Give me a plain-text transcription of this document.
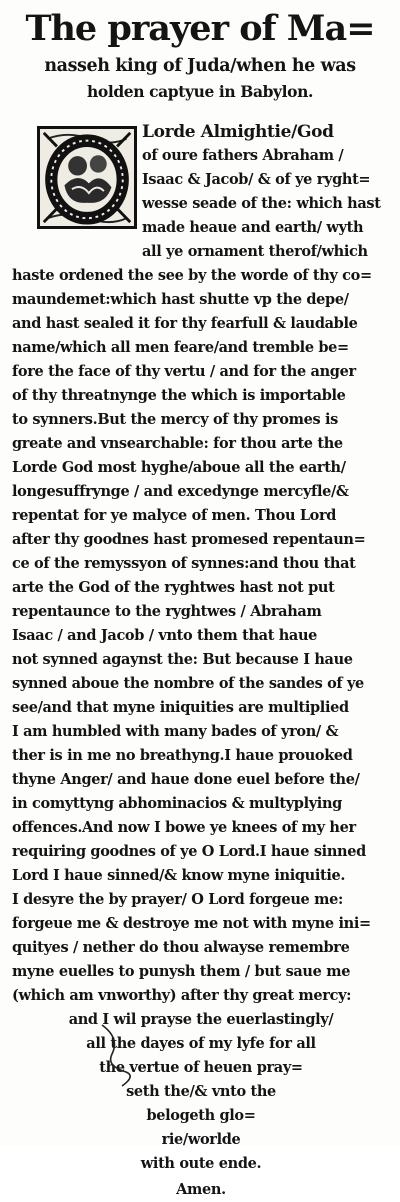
The prayer of Ma=
nasseh king of Juda/when he was
holden captyue in Babylon.
Lorde Almightie/God
of oure fathers Abraham /
Isaac & Jacob/ & of ye ryght=
wesse seade of the: which hast
made heaue and earth/ wyth
all ye ornament therof/which
haste ordened the see by the worde of thy co=
maundemet:which hast shutte vp the depe/
and hast sealed it for thy fearfull & laudable
name/which all men feare/and tremble be=
fore the face of thy vertu / and for the anger
of thy threatnynge the which is importable
to synners.But the mercy of thy promes is
greate and vnsearchable: for thou arte the
Lorde God most hyghe/aboue all the earth/
longesuffrynge / and excedynge mercyfle/&
repentat for ye malyce of men. Thou Lord
after thy goodnes hast promesed repentaun=
ce of the remyssyon of synnes:and thou that
arte the God of the ryghtwes hast not put
repentaunce to the ryghtwes / Abraham
Isaac / and Jacob / vnto them that haue
not synned agaynst the: But because I haue
synned aboue the nombre of the sandes of ye
see/and that myne iniquities are multiplied
I am humbled with many bades of yron/ &
ther is in me no breathyng.I haue prouoked
thyne Anger/ and haue done euel before the/
in comyttyng abhominacios & multyplying
offences.And now I bowe ye knees of my her
requiring goodnes of ye O Lord.I haue sinned
Lord I haue sinned/& know myne iniquitie.
I desyre the by prayer/ O Lord forgeue me:
forgeue me & destroye me not with myne ini=
quityes / nether do thou alwayse remembre
myne euelles to punysh them / but saue me
(which am vnworthy) after thy great mercy:
and I wil prayse the euerlastingly/
all the dayes of my lyfe for all
the vertue of heuen pray=
seth the/& vnto the
belogeth glo=
rie/worlde
with oute ende.
Amen.
